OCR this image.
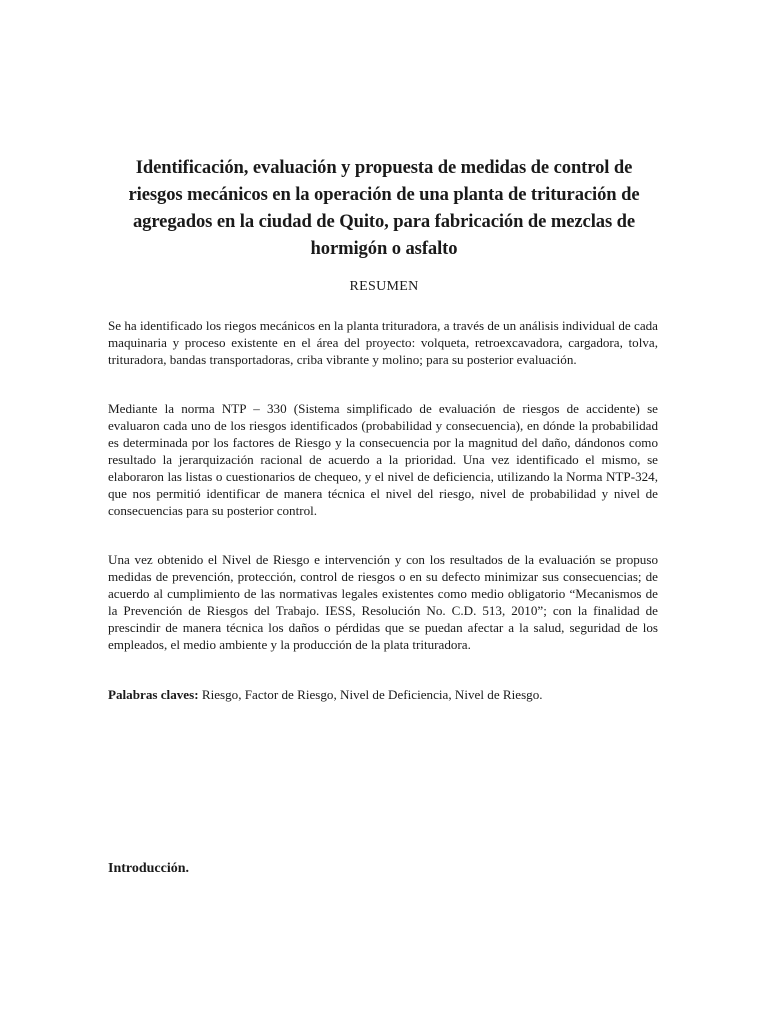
Identificación, evaluación y propuesta de medidas de control de riesgos mecánicos en la operación de una planta de trituración de agregados en la ciudad de Quito, para fabricación de mezclas de hormigón o asfalto
RESUMEN

Se ha identificado los riegos mecánicos en la planta trituradora, a través de un análisis individual de cada maquinaria y proceso existente en el área del proyecto: volqueta, retroexcavadora, cargadora, tolva, trituradora, bandas transportadoras, criba vibrante y molino; para su posterior evaluación.

Mediante la norma NTP – 330 (Sistema simplificado de evaluación de riesgos de accidente) se evaluaron cada uno de los riesgos identificados (probabilidad y consecuencia), en dónde la probabilidad es determinada por los factores de Riesgo y la consecuencia por la magnitud del daño, dándonos como resultado la jerarquización racional de acuerdo a la prioridad. Una vez identificado el mismo, se elaboraron las listas o cuestionarios de chequeo, y el nivel de deficiencia, utilizando la Norma NTP-324, que nos permitió identificar de manera técnica el nivel del riesgo, nivel de probabilidad y nivel de consecuencias para su posterior control.

Una vez obtenido el Nivel de Riesgo e intervención y con los resultados de la evaluación se propuso medidas de prevención, protección, control de riesgos o en su defecto minimizar sus consecuencias; de acuerdo al cumplimiento de las normativas legales existentes como medio obligatorio “Mecanismos de la Prevención de Riesgos del Trabajo. IESS, Resolución No. C.D. 513, 2010”; con la finalidad de prescindir de manera técnica los daños o pérdidas que se puedan afectar a la salud, seguridad de los empleados, el medio ambiente y la producción de la plata trituradora.

Palabras claves: Riesgo, Factor de Riesgo, Nivel de Deficiencia, Nivel de Riesgo.

Introducción.
